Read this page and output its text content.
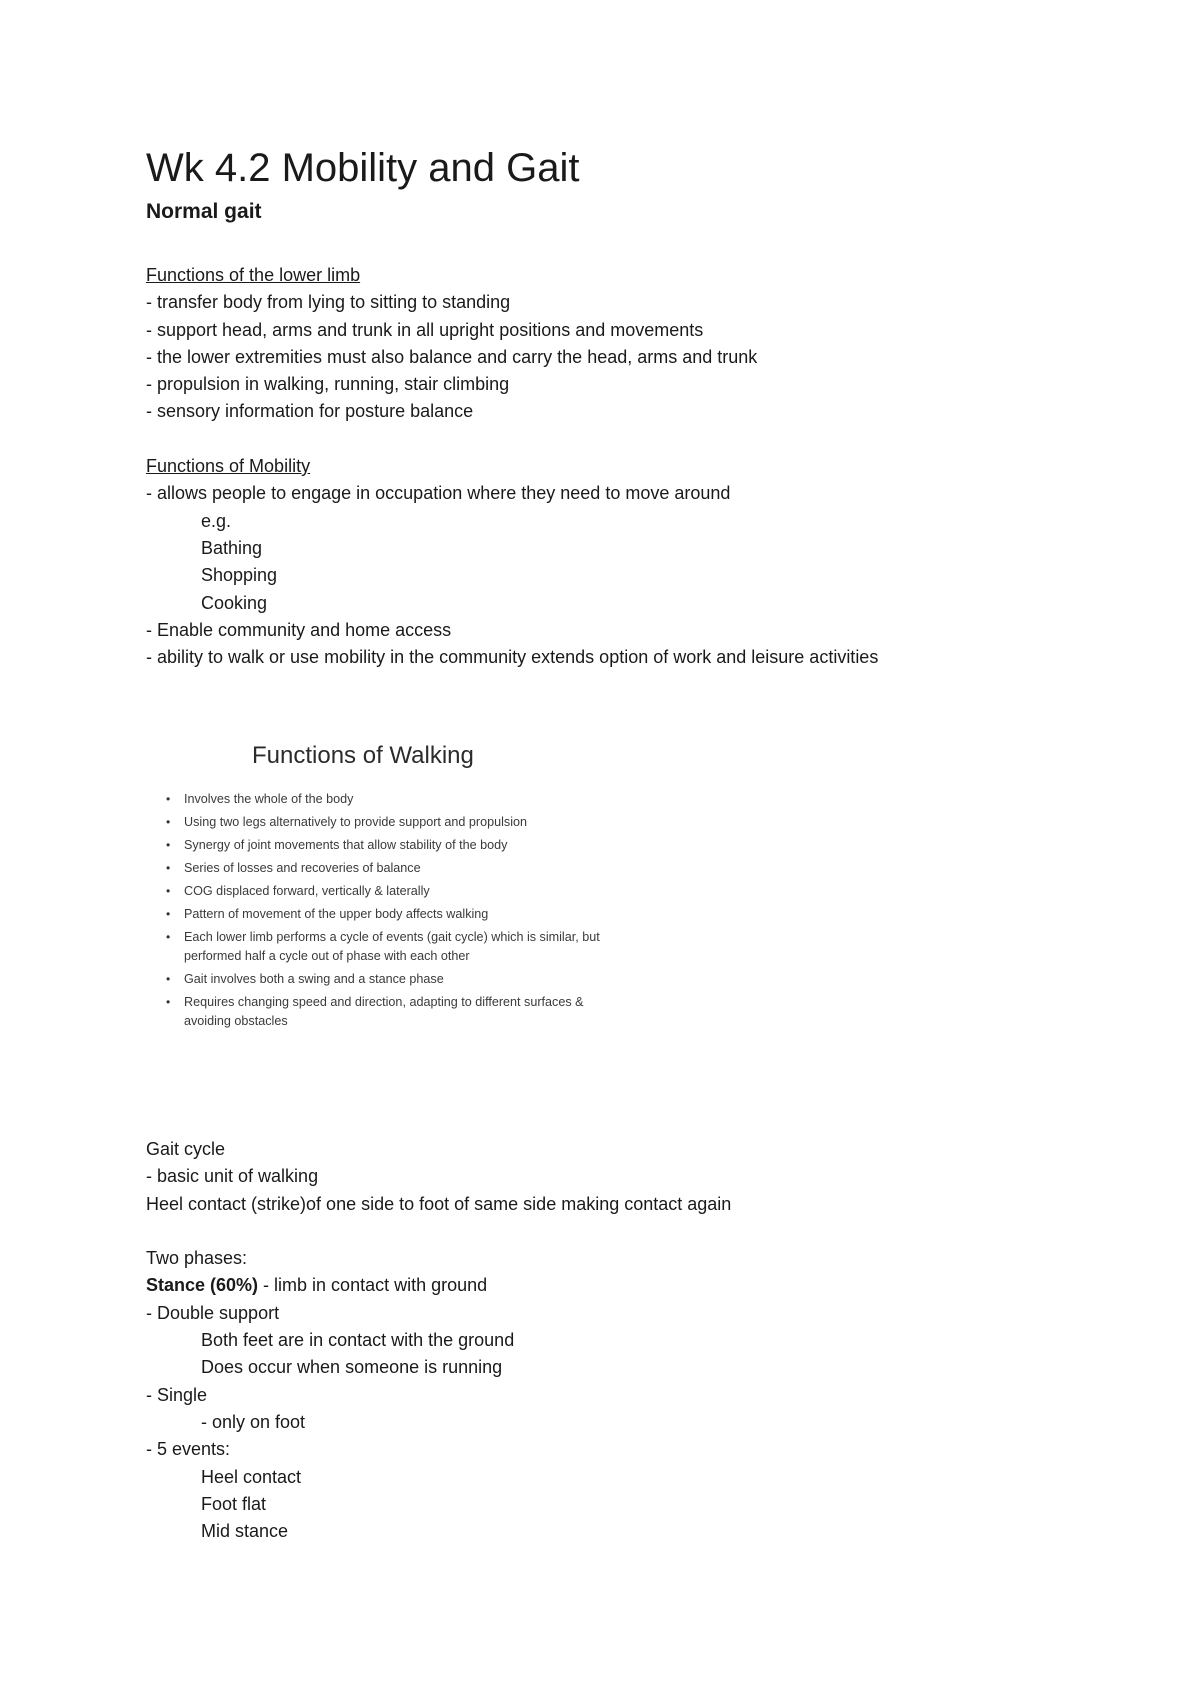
Wk 4.2 Mobility and Gait
Normal gait
Functions of the lower limb
- transfer body from lying to sitting to standing
- support head, arms and trunk in all upright positions and movements
- the lower extremities must also balance and carry the head, arms and trunk
- propulsion in walking, running, stair climbing
- sensory information for posture balance
Functions of Mobility
- allows people to engage in occupation where they need to move around
e.g.
Bathing
Shopping
Cooking
- Enable community and home access
- ability to walk or use mobility in the community extends option of work and leisure activities
Functions of Walking
• Involves the whole of the body
• Using two legs alternatively to provide support and propulsion
• Synergy of joint movements that allow stability of the body
• Series of losses and recoveries of balance
• COG displaced forward, vertically & laterally
• Pattern of movement of the upper body affects walking
• Each lower limb performs a cycle of events (gait cycle) which is similar, but performed half a cycle out of phase with each other
• Gait involves both a swing and a stance phase
• Requires changing speed and direction, adapting to different surfaces & avoiding obstacles
Gait cycle
- basic unit of walking
Heel contact (strike)of one side to foot of same side making contact again
Two phases:
Stance (60%) - limb in contact with ground
- Double support
Both feet are in contact with the ground
Does occur when someone is running
- Single
- only on foot
- 5 events:
Heel contact
Foot flat
Mid stance
